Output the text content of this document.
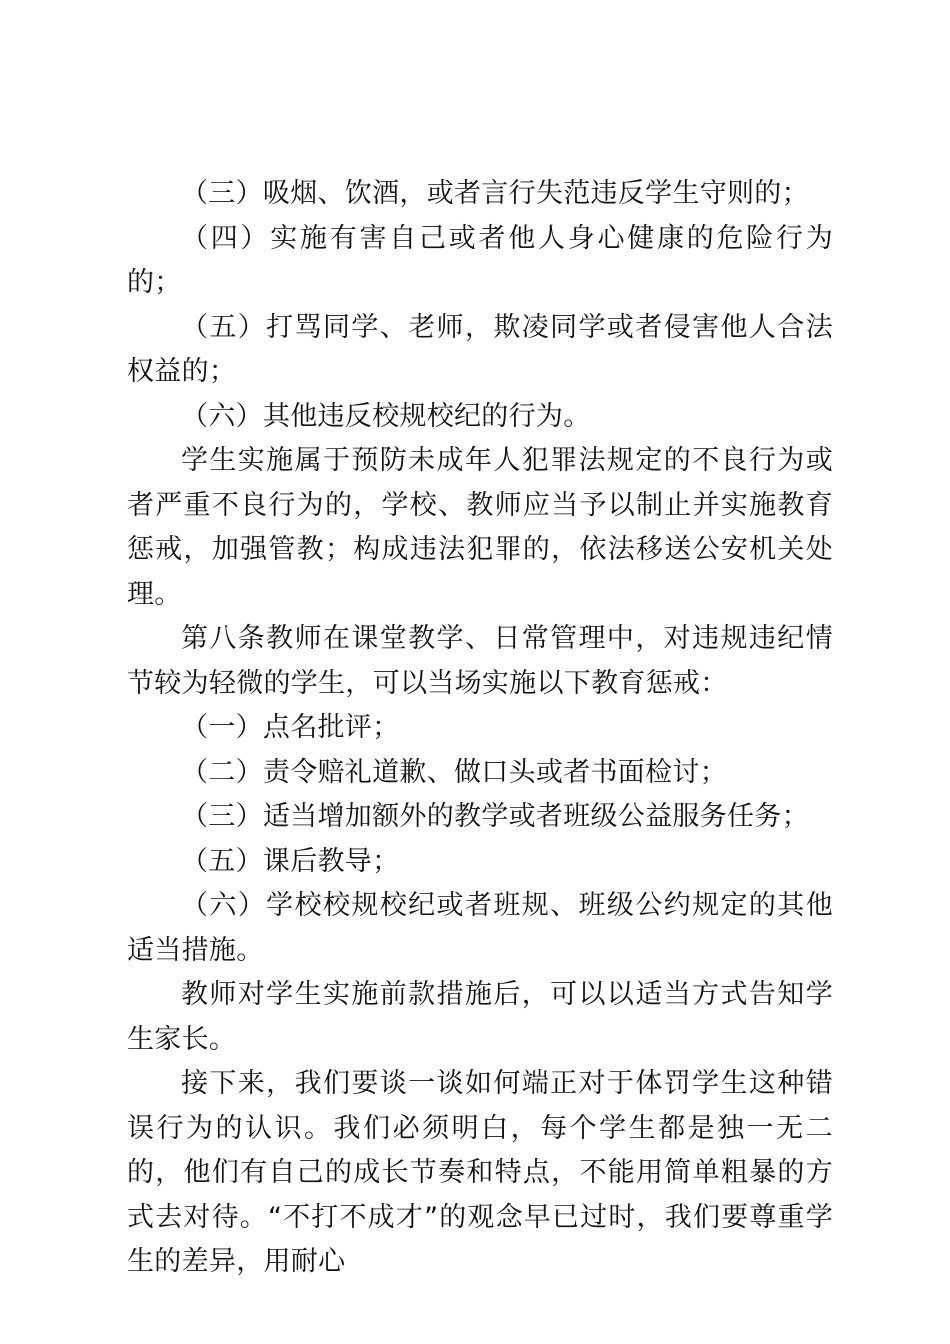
（三）吸烟、饮酒，或者言行失范违反学生守则的；

（四）实施有害自己或者他人身心健康的危险行为的；

（五）打骂同学、老师，欺凌同学或者侵害他人合法权益的；

（六）其他违反校规校纪的行为。

学生实施属于预防未成年人犯罪法规定的不良行为或者严重不良行为的，学校、教师应当予以制止并实施教育惩戒，加强管教；构成违法犯罪的，依法移送公安机关处理。

第八条教师在课堂教学、日常管理中，对违规违纪情节较为轻微的学生，可以当场实施以下教育惩戒：

（一）点名批评；

（二）责令赔礼道歉、做口头或者书面检讨；

（三）适当增加额外的教学或者班级公益服务任务；

（五）课后教导；

（六）学校校规校纪或者班规、班级公约规定的其他适当措施。

教师对学生实施前款措施后，可以以适当方式告知学生家长。

接下来，我们要谈一谈如何端正对于体罚学生这种错误行为的认识。我们必须明白，每个学生都是独一无二的，他们有自己的成长节奏和特点，不能用简单粗暴的方式去对待。“不打不成才”的观念早已过时，我们要尊重学生的差异，用耐心
